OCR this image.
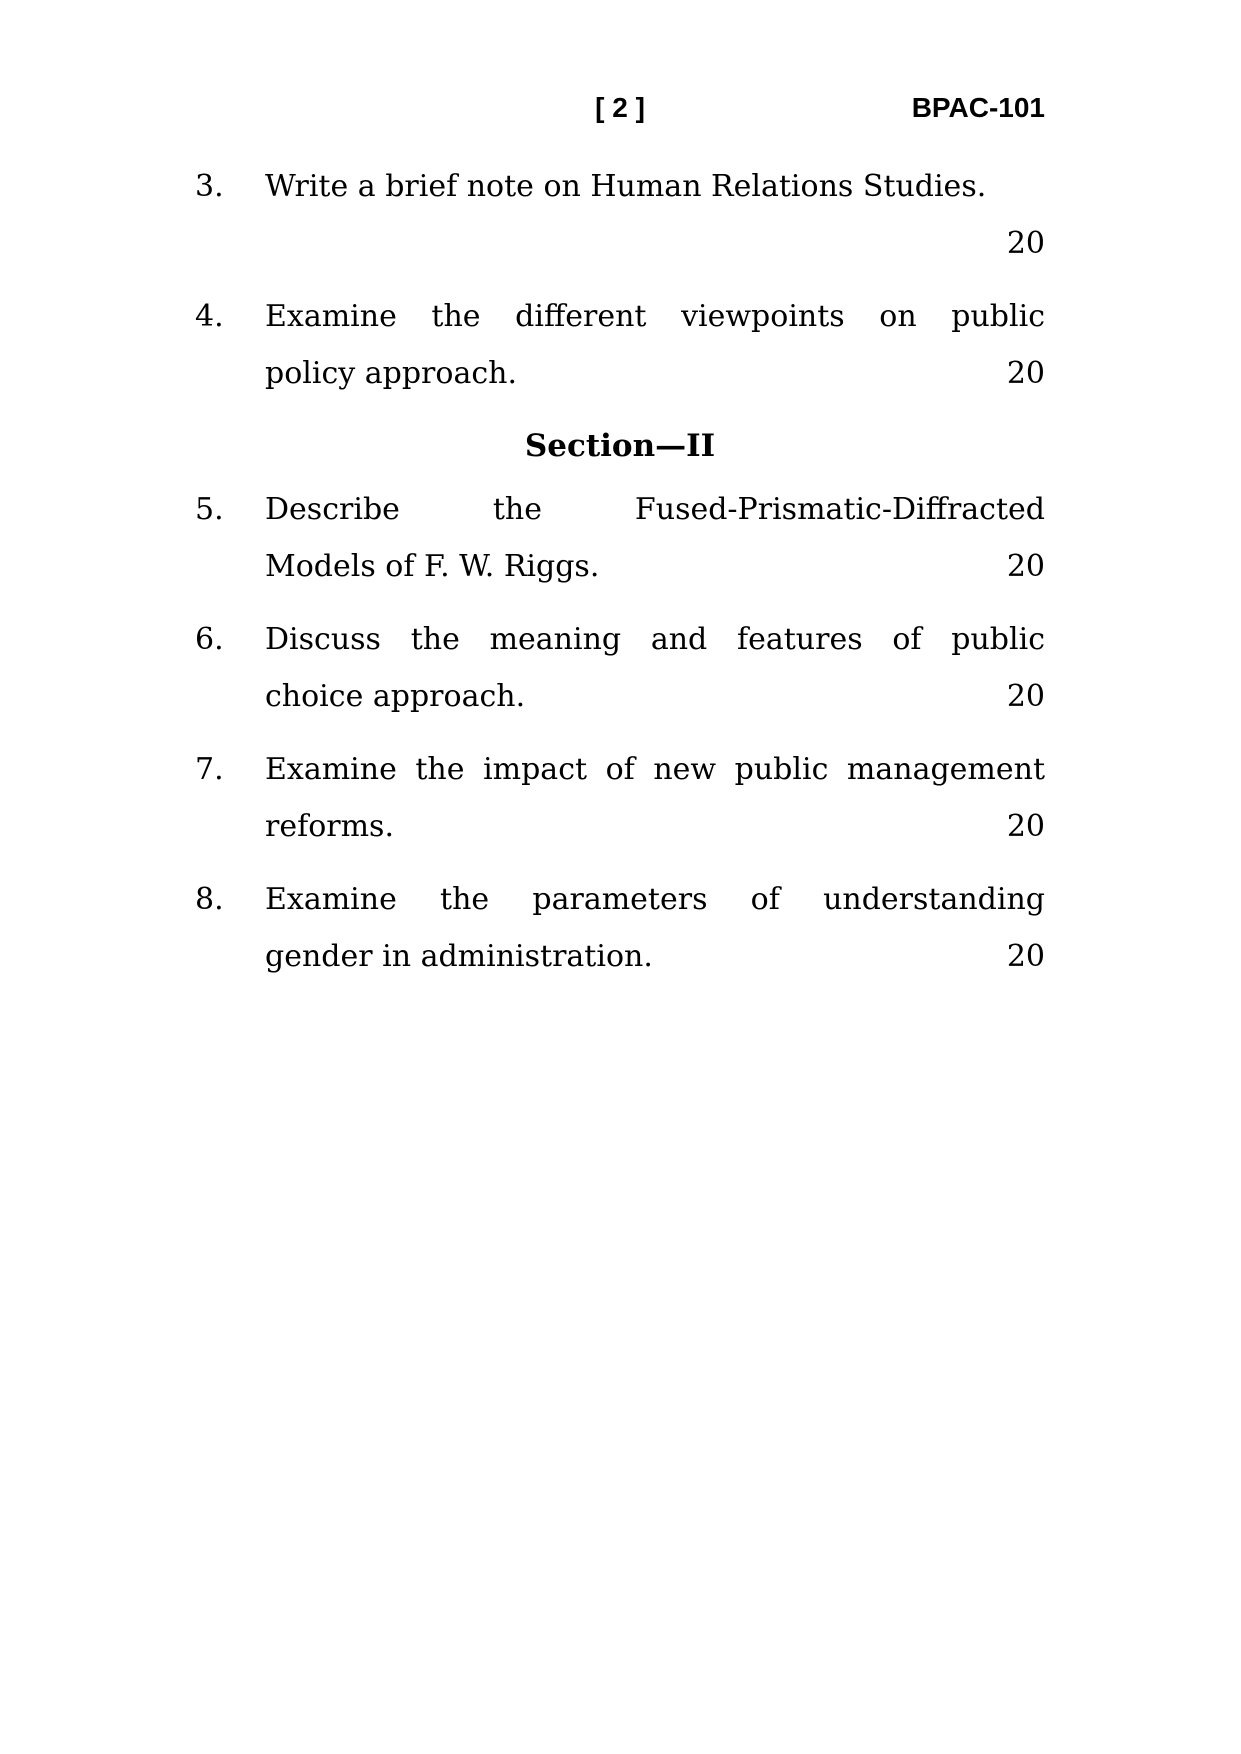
[ 2 ]	BPAC-101
3.	Write a brief note on Human Relations Studies.
20
4.	Examine the different viewpoints on public
policy approach.	20
Section—II
5.	Describe the Fused-Prismatic-Diffracted
Models of F. W. Riggs.	20
6.	Discuss the meaning and features of public
choice approach.	20
7.	Examine the impact of new public management
reforms.	20
8.	Examine the parameters of understanding
gender in administration.	20
